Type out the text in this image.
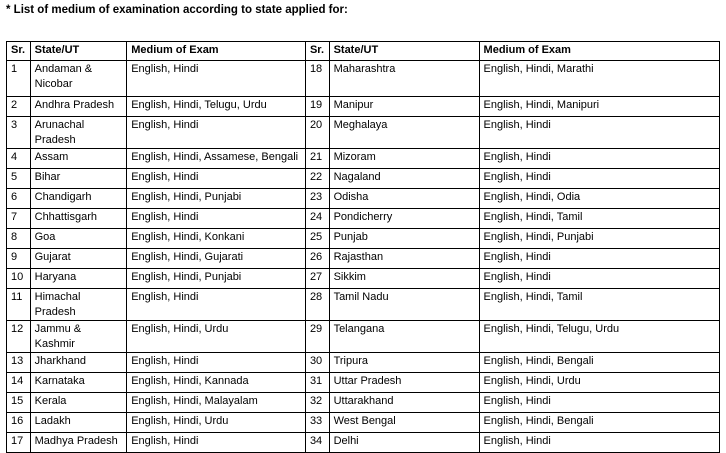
* List of medium of examination according to state applied for:
Sr.	State/UT	Medium of Exam	Sr.	State/UT	Medium of Exam
1	Andaman & Nicobar	English, Hindi	18	Maharashtra	English, Hindi, Marathi
2	Andhra Pradesh	English, Hindi, Telugu, Urdu	19	Manipur	English, Hindi, Manipuri
3	Arunachal Pradesh	English, Hindi	20	Meghalaya	English, Hindi
4	Assam	English, Hindi, Assamese, Bengali	21	Mizoram	English, Hindi
5	Bihar	English, Hindi	22	Nagaland	English, Hindi
6	Chandigarh	English, Hindi, Punjabi	23	Odisha	English, Hindi, Odia
7	Chhattisgarh	English, Hindi	24	Pondicherry	English, Hindi, Tamil
8	Goa	English, Hindi, Konkani	25	Punjab	English, Hindi, Punjabi
9	Gujarat	English, Hindi, Gujarati	26	Rajasthan	English, Hindi
10	Haryana	English, Hindi, Punjabi	27	Sikkim	English, Hindi
11	Himachal Pradesh	English, Hindi	28	Tamil Nadu	English, Hindi, Tamil
12	Jammu & Kashmir	English, Hindi, Urdu	29	Telangana	English, Hindi, Telugu, Urdu
13	Jharkhand	English, Hindi	30	Tripura	English, Hindi, Bengali
14	Karnataka	English, Hindi, Kannada	31	Uttar Pradesh	English, Hindi, Urdu
15	Kerala	English, Hindi, Malayalam	32	Uttarakhand	English, Hindi
16	Ladakh	English, Hindi, Urdu	33	West Bengal	English, Hindi, Bengali
17	Madhya Pradesh	English, Hindi	34	Delhi	English, Hindi
